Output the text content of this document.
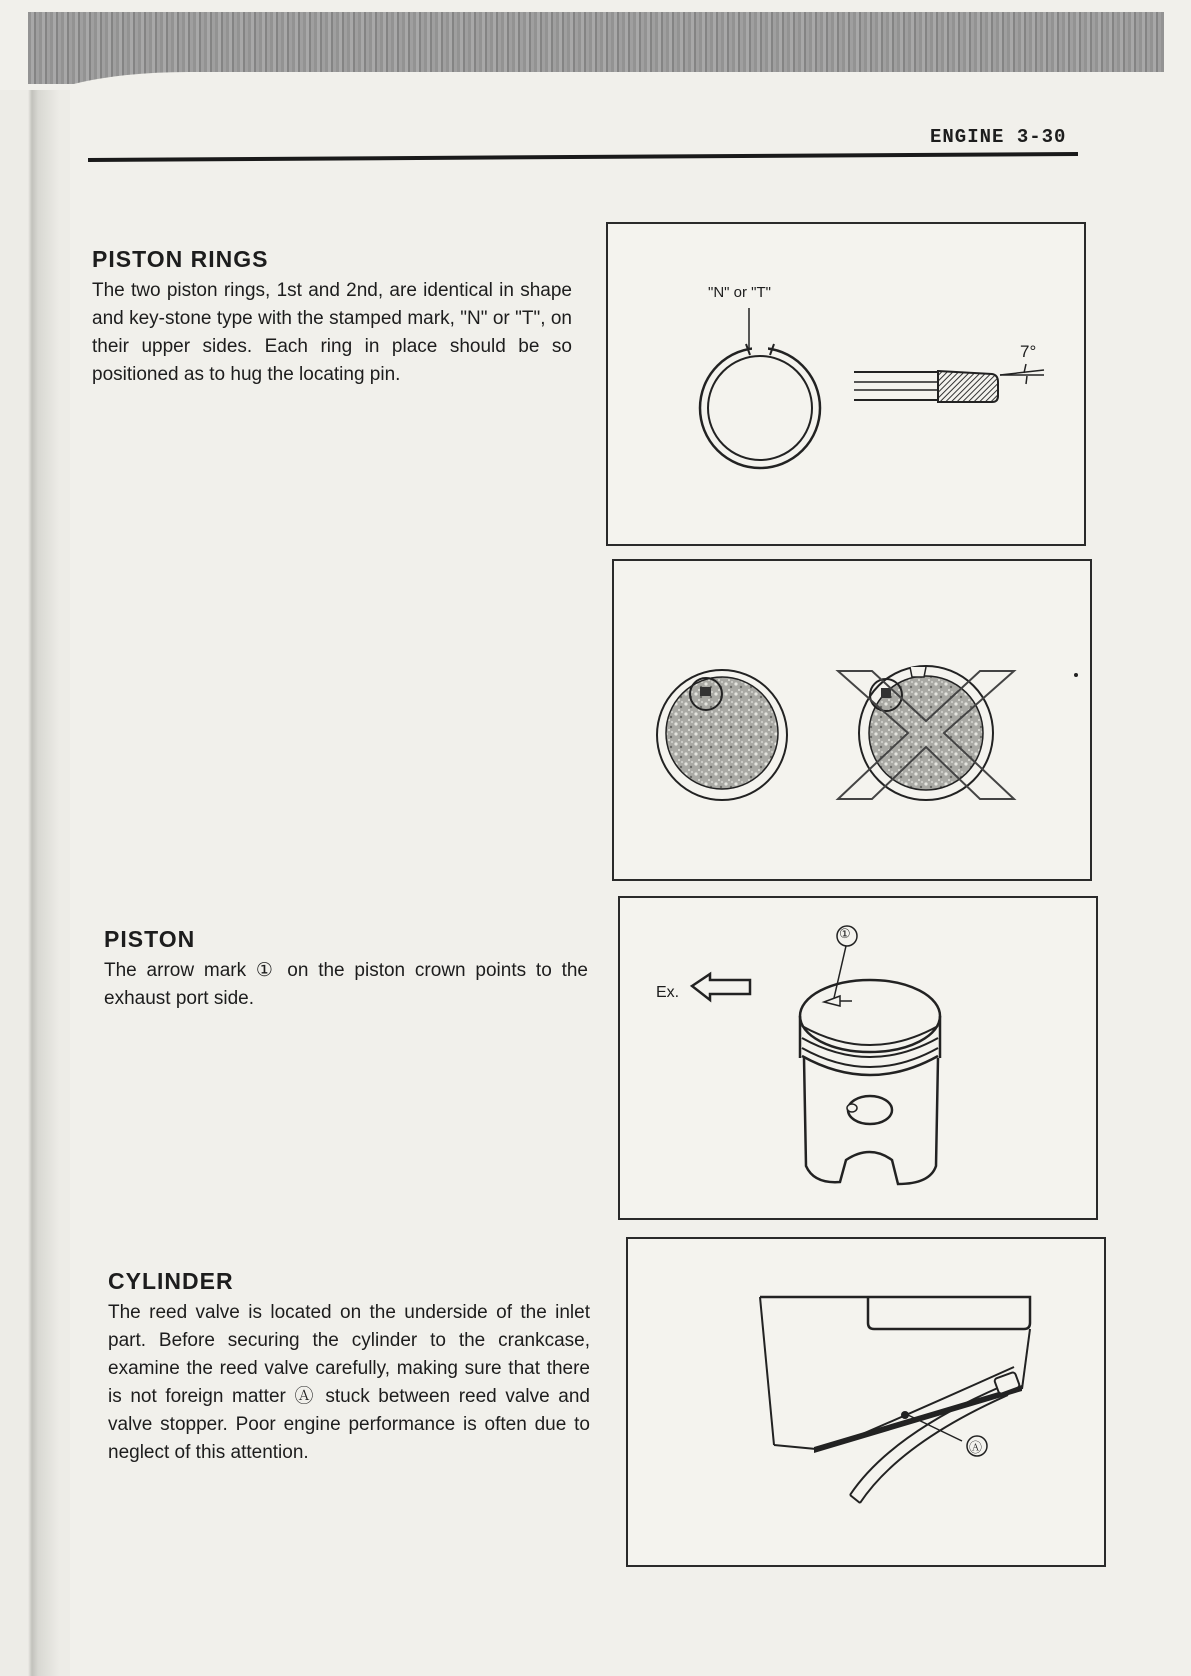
ENGINE 3-30
PISTON RINGS

The two piston rings, 1st and 2nd, are identical in shape and key-stone type with the stamped mark, "N" or "T", on their upper sides. Each ring in place should be so positioned as to hug the locating pin.

"N" or "T"
7°
PISTON

The arrow mark ① on the piston crown points to the exhaust port side.

①
Ex.
CYLINDER

The reed valve is located on the underside of the inlet part. Before securing the cylinder to the crankcase, examine the reed valve carefully, making sure that there is not foreign matter Ⓐ stuck between reed valve and valve stopper. Poor engine performance is often due to neglect of this attention.	Ⓐ
